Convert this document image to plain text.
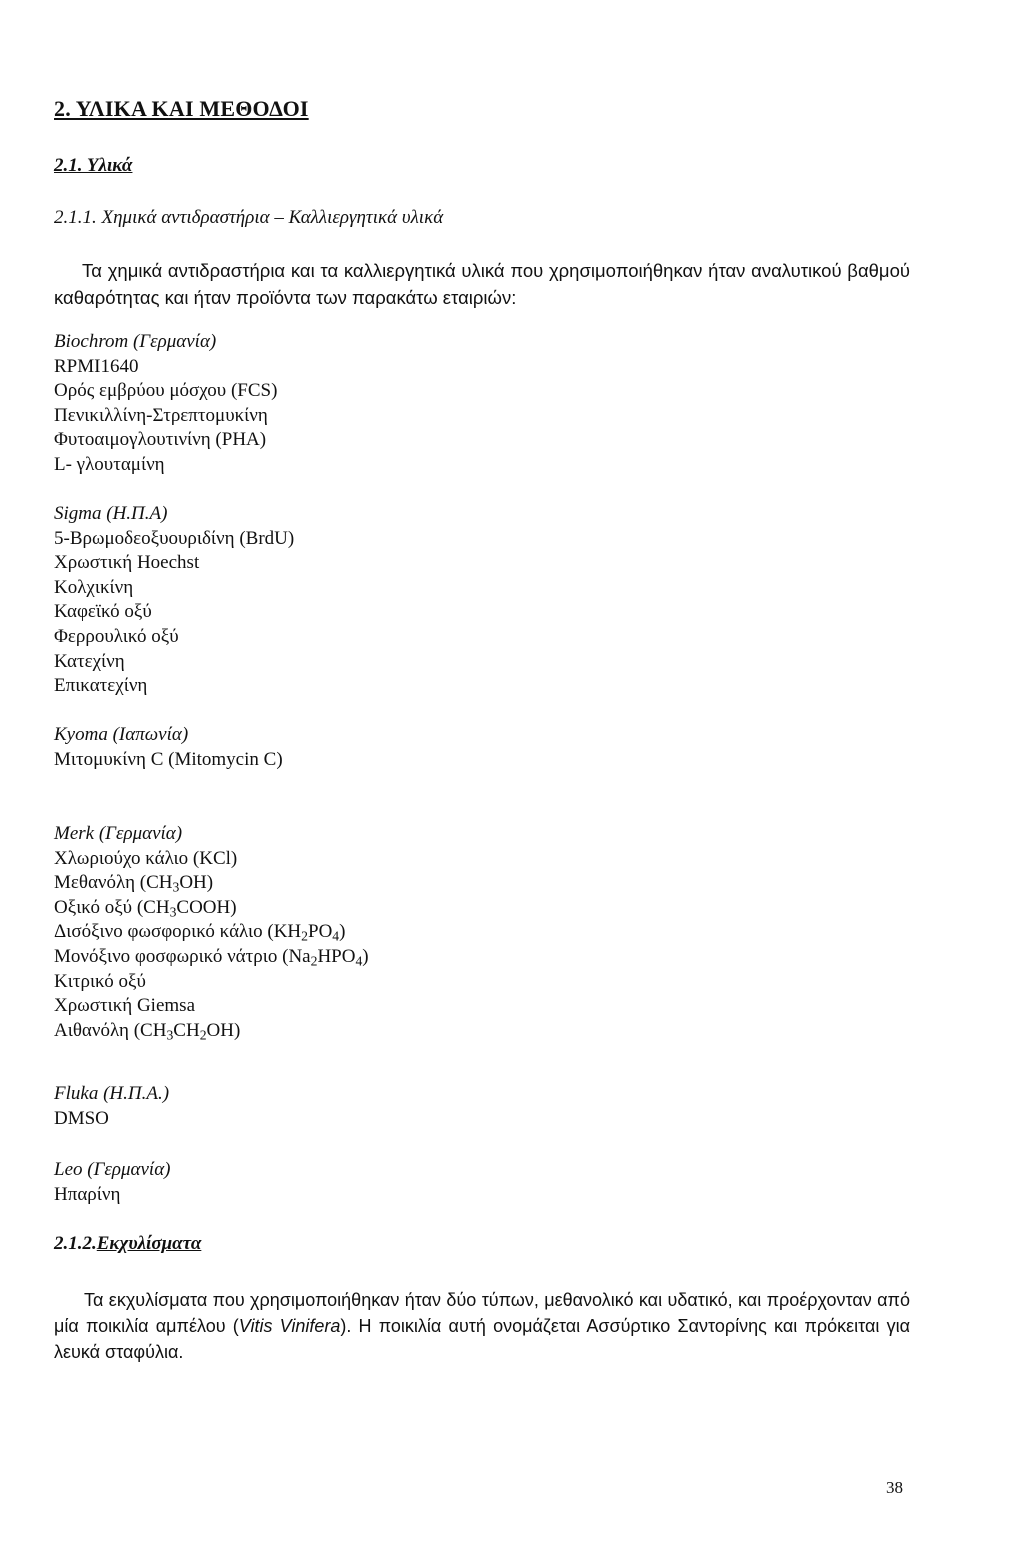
2. ΥΛΙΚΑ ΚΑΙ ΜΕΘΟΔΟΙ
2.1. Υλικά
2.1.1. Χημικά αντιδραστήρια – Καλλιεργητικά υλικά
Τα χημικά αντιδραστήρια και τα καλλιεργητικά υλικά που χρησιμοποιήθηκαν ήταν αναλυτικού βαθμού καθαρότητας και ήταν προϊόντα των παρακάτω εταιριών:
Biochrom (Γερμανία)
RPMI1640
Ορός εμβρύου μόσχου (FCS)
Πενικιλλίνη-Στρεπτομυκίνη
Φυτοαιμογλουτινίνη (PHA)
L- γλουταμίνη
Sigma (Η.Π.Α)
5-Βρωμοδεοξυουριδίνη (BrdU)
Χρωστική Hoechst
Κολχικίνη
Καφεϊκό οξύ
Φερρουλικό οξύ
Κατεχίνη
Επικατεχίνη
Kyoma (Ιαπωνία)
Μιτομυκίνη C (Mitomycin C)
Merk (Γερμανία)
Χλωριούχο κάλιο (KCl)
Μεθανόλη $(CH_3OH)$
Οξικό οξύ $(CH_3COOH)$
Δισόξινο φωσφορικό κάλιο $(KH_2PO_4)$
Μονόξινο φοσφωρικό νάτριο $(Na_2HPO_4)$
Κιτρικό οξύ
Χρωστική Giemsa
Αιθανόλη $(CH_3CH_2OH)$
Fluka (Η.Π.Α.)
DMSO
Leo (Γερμανία)
Ηπαρίνη
2.1.2.Εκχυλίσματα
Τα εκχυλίσματα που χρησιμοποιήθηκαν ήταν δύο τύπων, μεθανολικό και υδατικό, και προέρχονταν από μία ποικιλία αμπέλου (Vitis Vinifera). Η ποικιλία αυτή ονομάζεται Ασσύρτικο Σαντορίνης και πρόκειται για λευκά σταφύλια.
38
